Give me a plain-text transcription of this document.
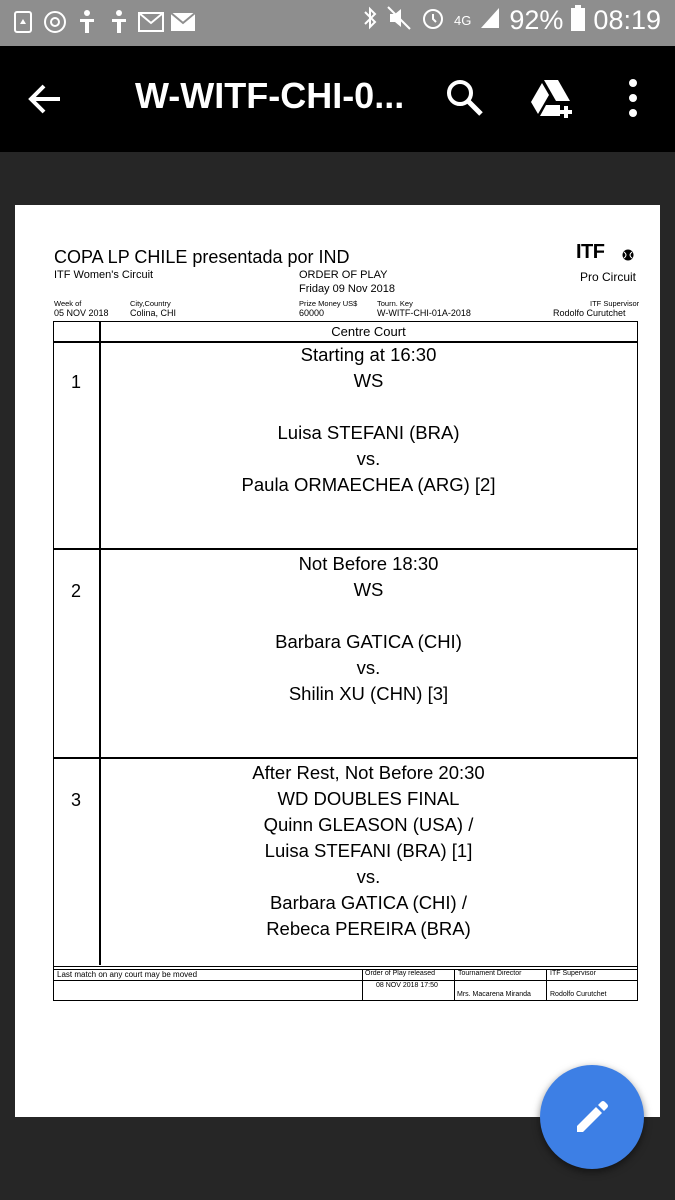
4G 92% 08:19
W-WITF-CHI-0...
COPA LP CHILE presentada por IND
ITF Women's Circuit	ORDER OF PLAY
Friday 09 Nov 2018
ITF
Pro Circuit
Week of
05 NOV 2018
City,Country
Colina, CHI
Prize Money US$
60000
Tourn. Key
W-WITF-CHI-01A-2018
ITF Supervisor
Rodolfo Curutchet
Centre Court
1
Starting at 16:30
WS
Luisa STEFANI (BRA)
vs.
Paula ORMAECHEA (ARG) [2]
2
Not Before 18:30
WS
Barbara GATICA (CHI)
vs.
Shilin XU (CHN) [3]
3
After Rest, Not Before 20:30
WD DOUBLES FINAL
Quinn GLEASON (USA) /
Luisa STEFANI (BRA) [1]
vs.
Barbara GATICA (CHI) /
Rebeca PEREIRA (BRA)
Last match on any court may be moved	Order of Play released
08 NOV 2018 17:50
Tournament Director
Mrs. Macarena Miranda
ITF Supervisor
Rodolfo Curutchet
